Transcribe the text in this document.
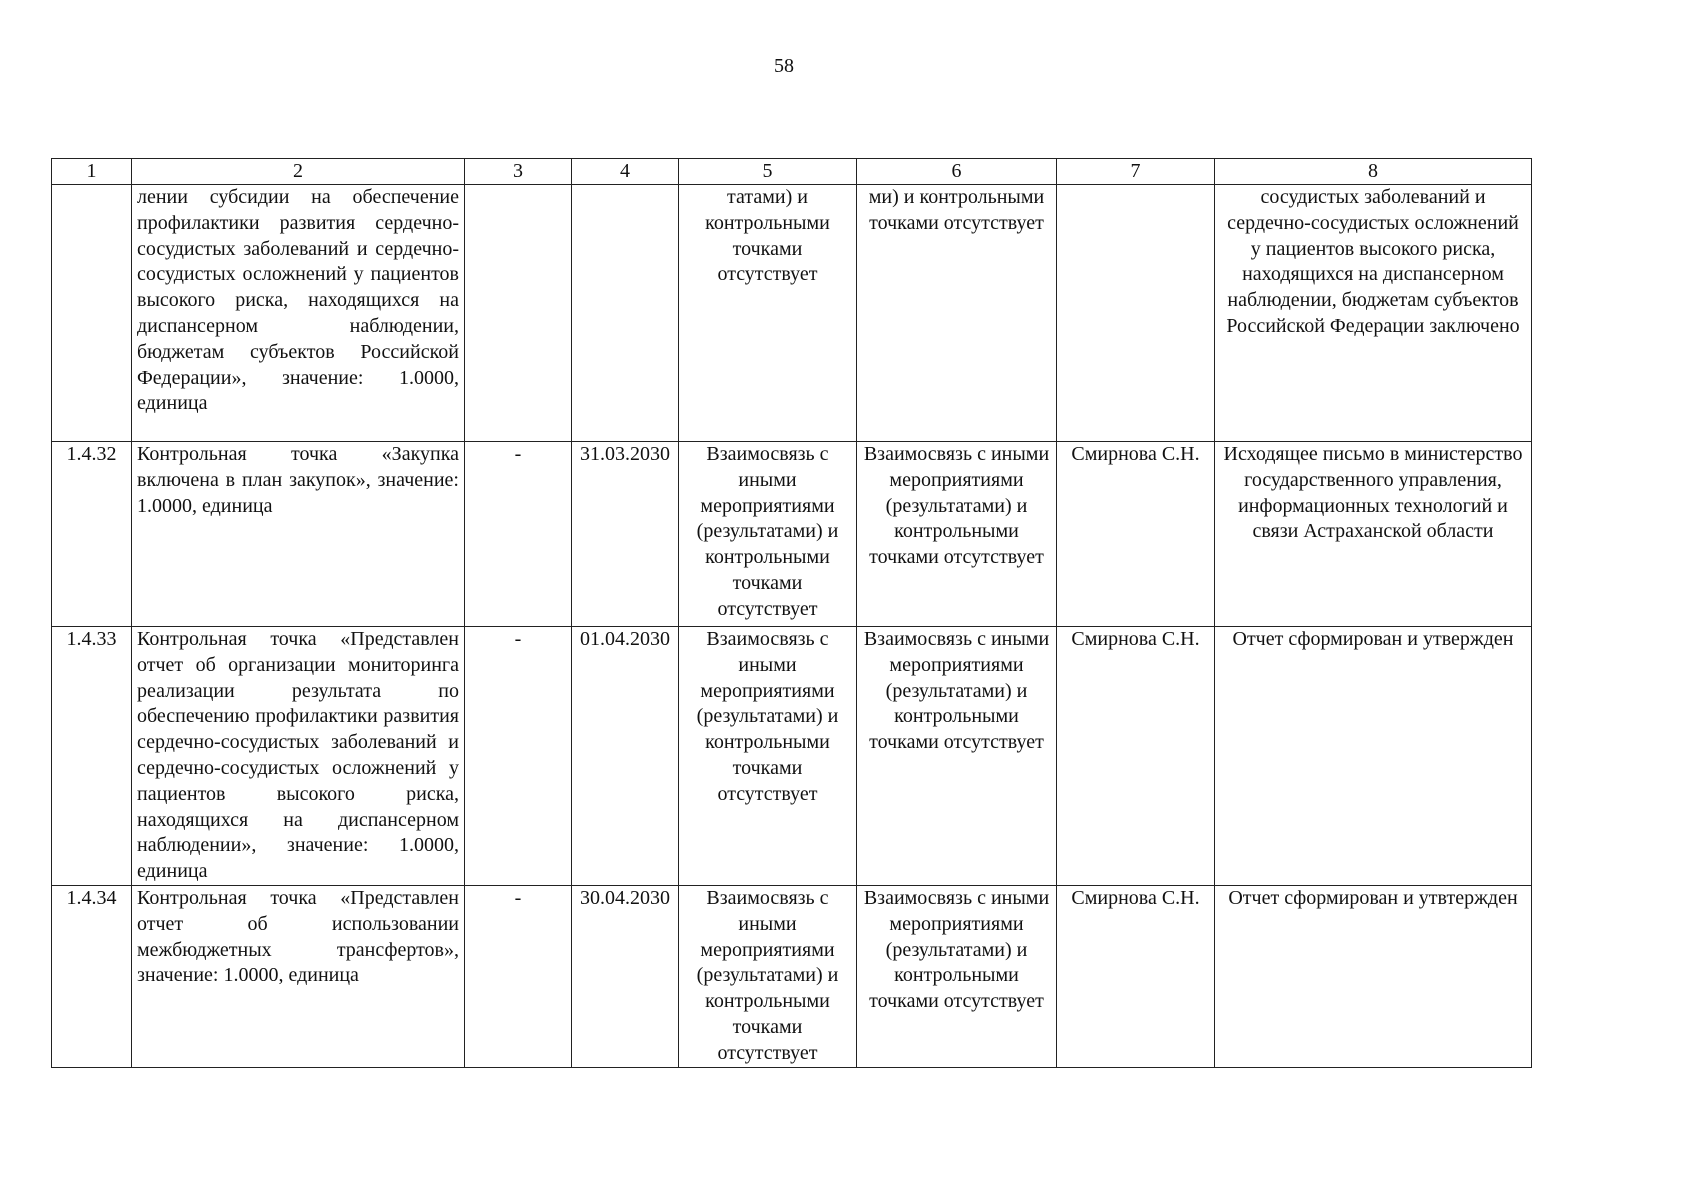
58
1	2	3	4	5	6	7	8
	лении субсидии на обеспечение профилактики развития сердечно-сосудистых заболеваний и сердечно-сосудистых осложнений у пациентов высокого риска, находящихся на диспансерном наблюдении, бюджетам субъектов Российской Федерации», значение: 1.0000, единица			татами) и контрольными точками отсутствует	ми) и контрольными точками отсутствует		сосудистых заболеваний и сердечно-сосудистых осложнений у пациентов высокого риска, находящихся на диспансерном наблюдении, бюджетам субъектов Российской Федерации заключено
1.4.32	Контрольная точка «Закупка включена в план закупок», значение: 1.0000, единица	-	31.03.2030	Взаимосвязь с иными мероприятиями (результатами) и контрольными точками отсутствует	Взаимосвязь с иными мероприятиями (результатами) и контрольными точками отсутствует	Смирнова С.Н.	Исходящее письмо в министерство государственного управления, информационных технологий и связи Астраханской области
1.4.33	Контрольная точка «Представлен отчет об организации мониторинга реализации результата по обеспечению профилактики развития сердечно-сосудистых заболеваний и сердечно-сосудистых осложнений у пациентов высокого риска, находящихся на диспансерном наблюдении», значение: 1.0000, единица	-	01.04.2030	Взаимосвязь с иными мероприятиями (результатами) и контрольными точками отсутствует	Взаимосвязь с иными мероприятиями (результатами) и контрольными точками отсутствует	Смирнова С.Н.	Отчет сформирован и утвержден
1.4.34	Контрольная точка «Представлен отчет об использовании межбюджетных трансфертов», значение: 1.0000, единица	-	30.04.2030	Взаимосвязь с иными мероприятиями (результатами) и контрольными точками отсутствует	Взаимосвязь с иными мероприятиями (результатами) и контрольными точками отсутствует	Смирнова С.Н.	Отчет сформирован и утвтержден
